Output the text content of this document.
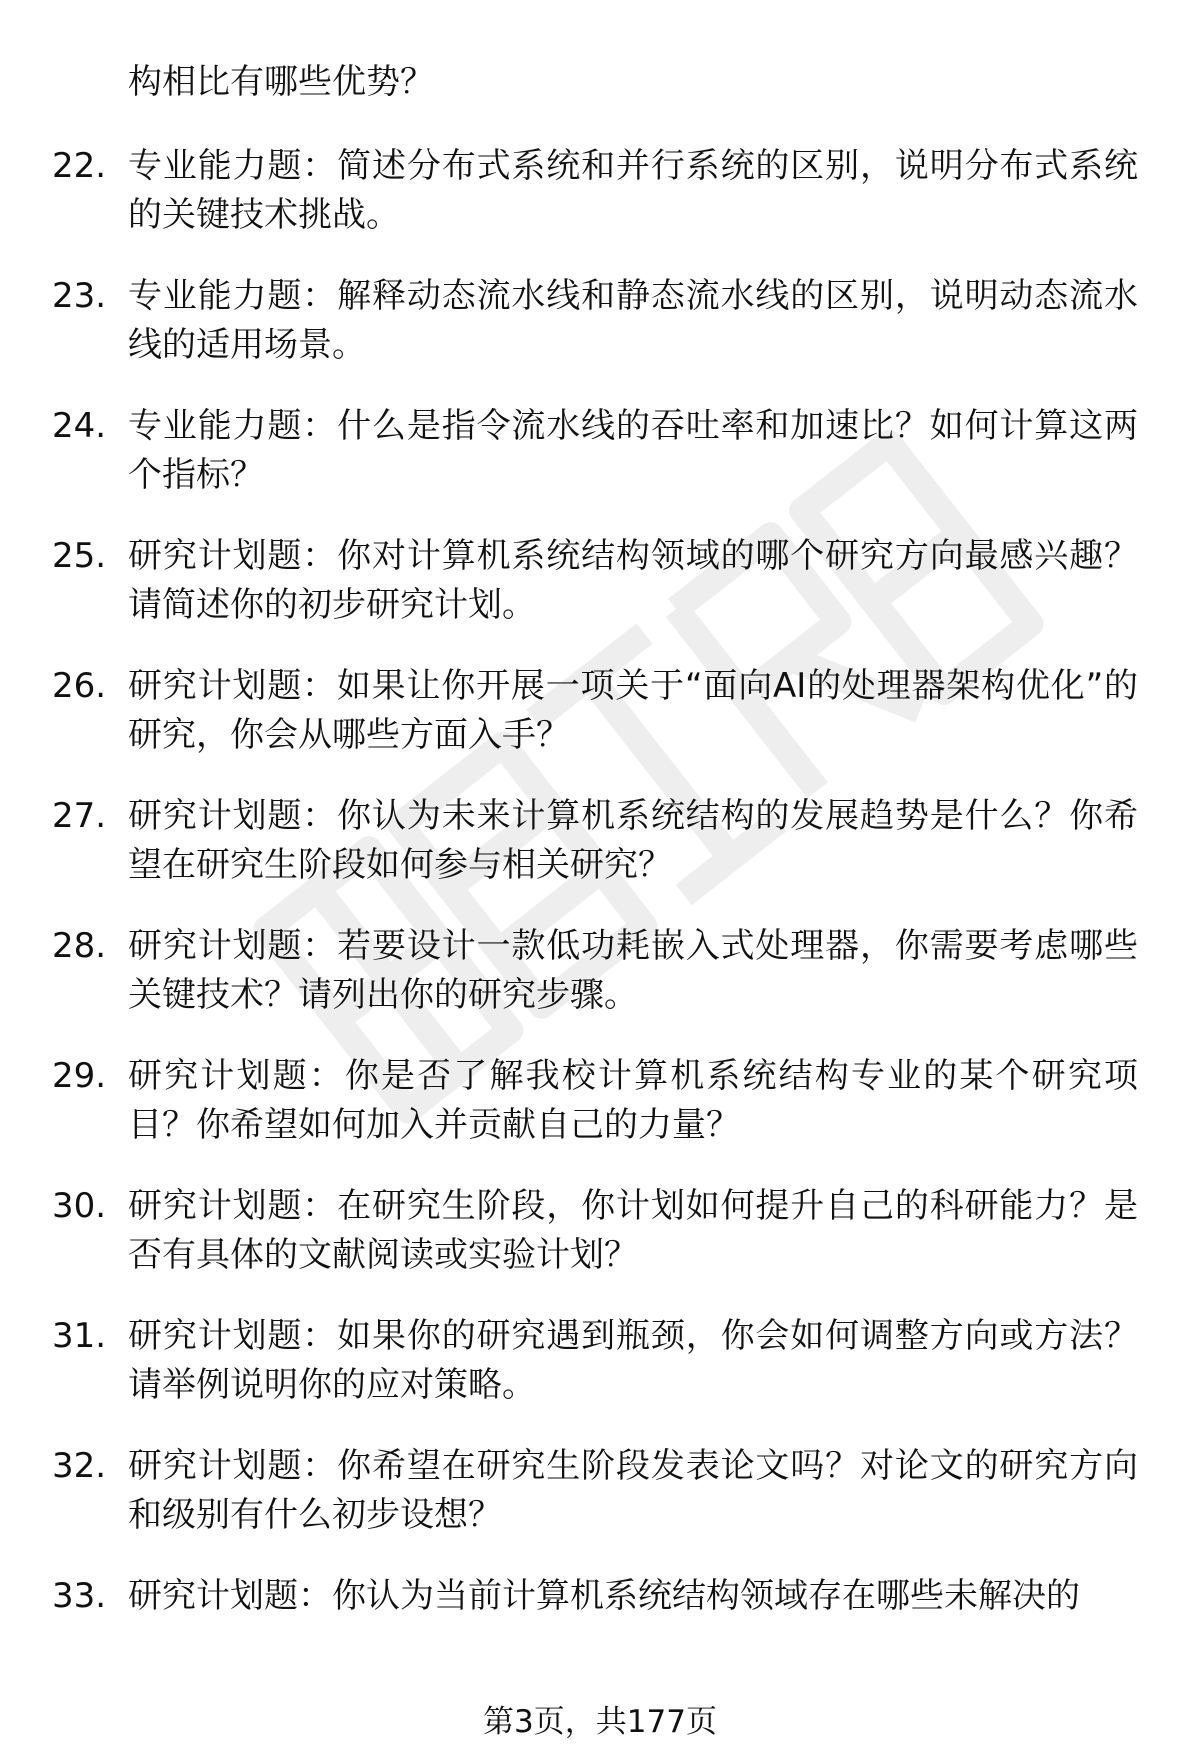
构相比有哪些优势？

22. 专业能力题：简述分布式系统和并行系统的区别，说明分布式系统的关键技术挑战。

23. 专业能力题：解释动态流水线和静态流水线的区别，说明动态流水线的适用场景。

24. 专业能力题：什么是指令流水线的吞吐率和加速比？如何计算这两个指标？

25. 研究计划题：你对计算机系统结构领域的哪个研究方向最感兴趣？请简述你的初步研究计划。

26. 研究计划题：如果让你开展一项关于“面向AI的处理器架构优化”的研究，你会从哪些方面入手？

27. 研究计划题：你认为未来计算机系统结构的发展趋势是什么？你希望在研究生阶段如何参与相关研究？

28. 研究计划题：若要设计一款低功耗嵌入式处理器，你需要考虑哪些关键技术？请列出你的研究步骤。

29. 研究计划题：你是否了解我校计算机系统结构专业的某个研究项目？你希望如何加入并贡献自己的力量？

30. 研究计划题：在研究生阶段，你计划如何提升自己的科研能力？是否有具体的文献阅读或实验计划？

31. 研究计划题：如果你的研究遇到瓶颈，你会如何调整方向或方法？请举例说明你的应对策略。

32. 研究计划题：你希望在研究生阶段发表论文吗？对论文的研究方向和级别有什么初步设想？

33. 研究计划题：你认为当前计算机系统结构领域存在哪些未解决的

第3页，共177页
